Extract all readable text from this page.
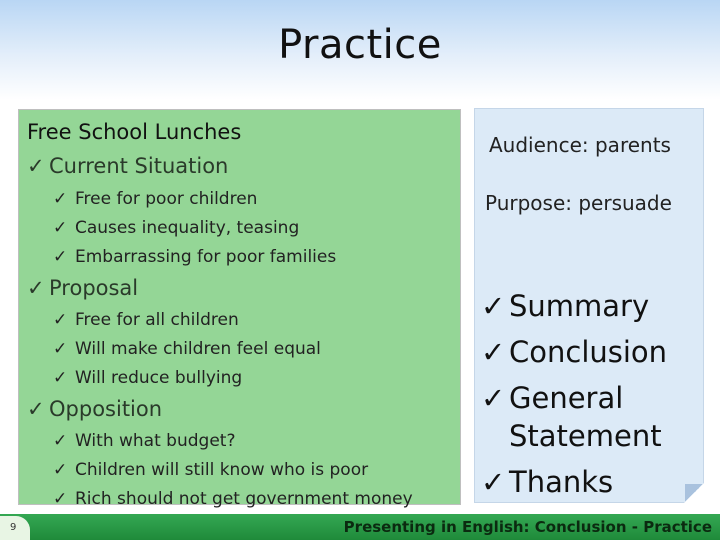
Practice
Free School Lunches
✓ Current Situation
✓ Free for poor children
✓ Causes inequality, teasing
✓ Embarrassing for poor families
✓ Proposal
✓ Free for all children
✓ Will make children feel equal
✓ Will reduce bullying
✓ Opposition
✓ With what budget?
✓ Children will still know who is poor
✓ Rich should not get government money
Audience: parents
Purpose: persuade
✓ Summary
✓ Conclusion
✓ General
Statement
✓ Thanks
9	Presenting in English: Conclusion - Practice
